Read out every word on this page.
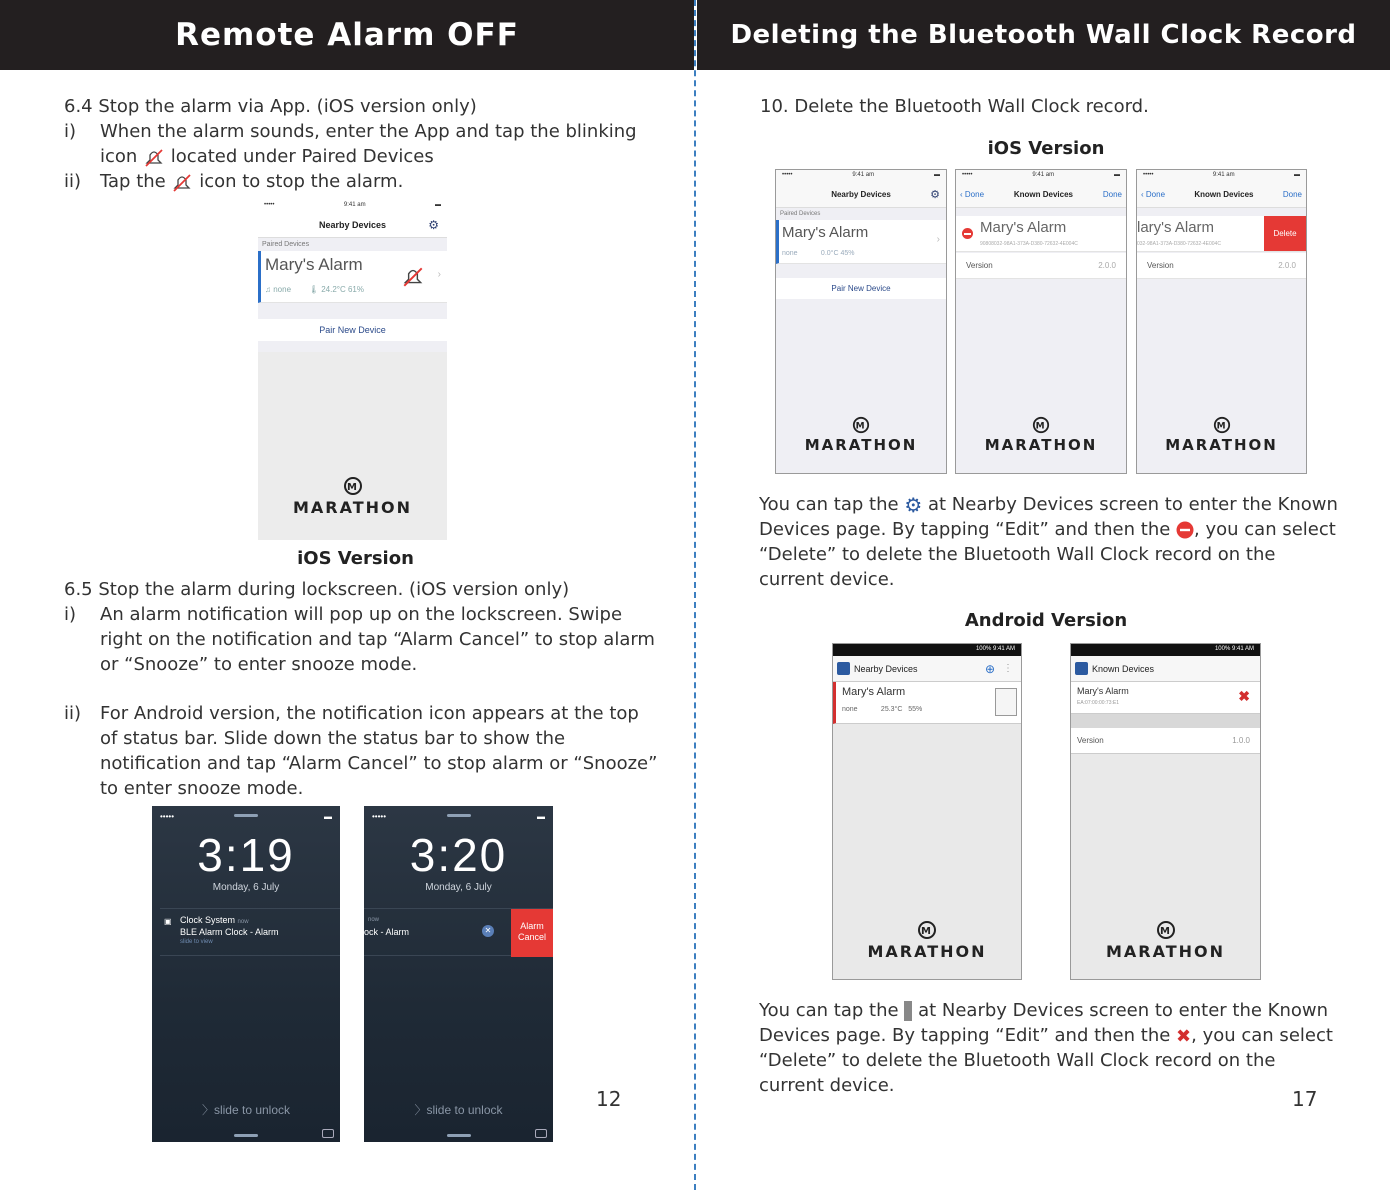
Remote Alarm OFF	Deleting the Bluetooth Wall Clock Record
6.4 Stop the alarm via App. (iOS version only)
i) When the alarm sounds, enter the App and tap the blinking
icon located under Paired Devices
ii) Tap the icon to stop the alarm.
•••••	9:41 am	▬
Nearby Devices	⚙
Paired Devices
Mary's Alarm
♫ none 🌡 24.2°C 61%
›
Pair New Device
M
MARATHON
iOS Version
6.5 Stop the alarm during lockscreen. (iOS version only)
i) An alarm notification will pop up on the lockscreen. Swipe
right on the notification and tap “Alarm Cancel” to stop alarm
or “Snooze” to enter snooze mode.
ii) For Android version, the notification icon appears at the top
of status bar. Slide down the status bar to show the
notification and tap “Alarm Cancel” to stop alarm or “Snooze”
to enter snooze mode.
•••••	▬
3:19
Monday, 6 July
▣ Clock System now
BLE Alarm Clock - Alarm
slide to view
〉slide to unlock
•••••	▬
3:20
Monday, 6 July
now
ock - Alarm	✕	Alarm Cancel
〉slide to unlock	12
10. Delete the Bluetooth Wall Clock record.
iOS Version
•••••	9:41 am	▬
Nearby Devices	⚙
Paired Devices
Mary's Alarm
none	0.0°C 45%
›
Pair New Device
M
MARATHON
•••••	9:41 am	▬
‹ Done	Known Devices	Done
Mary's Alarm
90808032-98A1-373A-D380-72632-4E004C
Version	2.0.0
M
MARATHON
•••••	9:41 am	▬
‹ Done	Known Devices	Done
lary's Alarm
032-98A1-373A-D380-72632-4E004C
Delete
Version	2.0.0
M
MARATHON
You can tap the ⚙ at Nearby Devices screen to enter the Known
Devices page. By tapping “Edit” and then the , you can select
“Delete” to delete the Bluetooth Wall Clock record on the
current device.
Android Version
100% 9:41 AM
Nearby Devices	⊕ ⋮
Mary's Alarm
none	25.3°C 55%
M
MARATHON
100% 9:41 AM
Known Devices
Mary's Alarm
EA:07:00:00:73:E1	✖
Version	1.0.0
M
MARATHON
You can tap the at Nearby Devices screen to enter the Known
Devices page. By tapping “Edit” and then the ✖, you can select
“Delete” to delete the Bluetooth Wall Clock record on the
current device.
17
